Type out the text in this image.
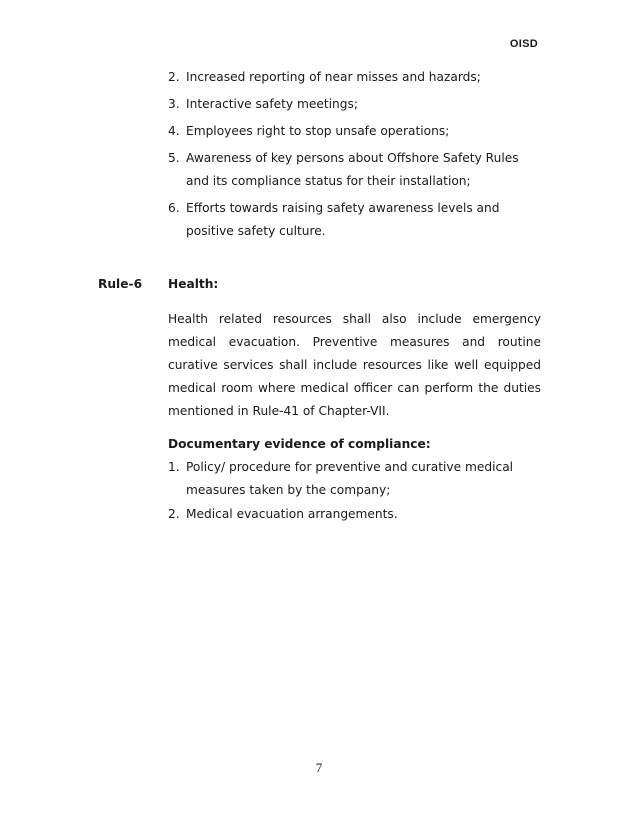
OISD
2. Increased reporting of near misses and hazards;
3. Interactive safety meetings;
4. Employees right to stop unsafe operations;
5. Awareness of key persons about Offshore Safety Rules and its compliance status for their installation;
6. Efforts towards raising safety awareness levels and positive safety culture.
Rule-6 Health:

Health related resources shall also include emergency medical evacuation. Preventive measures and routine curative services shall include resources like well equipped medical room where medical officer can perform the duties mentioned in Rule-41 of Chapter-VII.

Documentary evidence of compliance:
1. Policy/ procedure for preventive and curative medical measures taken by the company;
2. Medical evacuation arrangements.
7
